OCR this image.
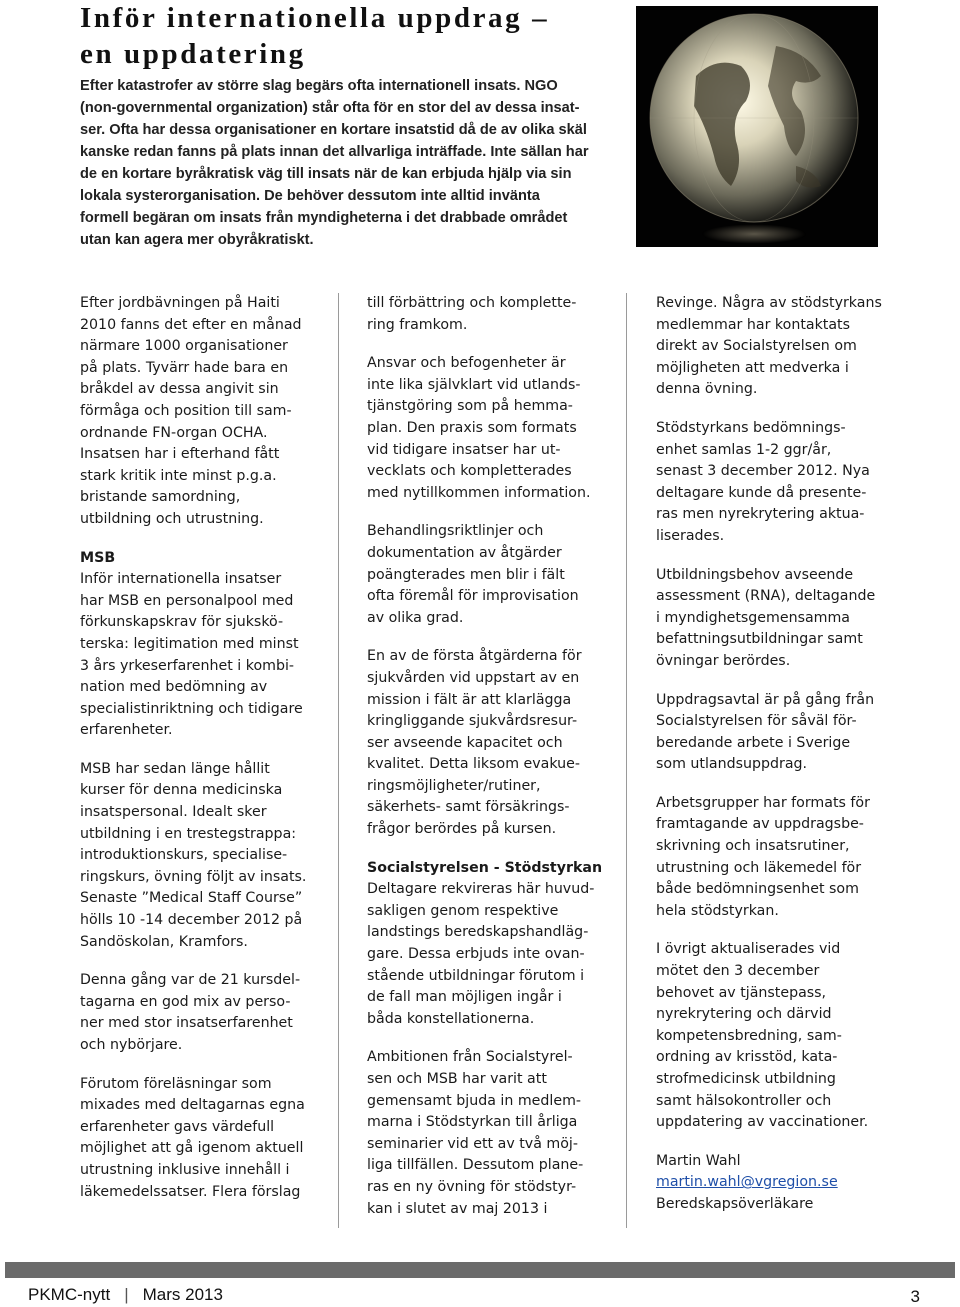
Inför internationella uppdrag –
en uppdatering
Efter katastrofer av större slag begärs ofta internationell insats. NGO
(non-governmental organization) står ofta för en stor del av dessa insat-
ser. Ofta har dessa organisationer en kortare insatstid då de av olika skäl
kanske redan fanns på plats innan det allvarliga inträffade. Inte sällan har
de en kortare byråkratisk väg till insats när de kan erbjuda hjälp via sin
lokala systerorganisation. De behöver dessutom inte alltid invänta
formell begäran om insats från myndigheterna i det drabbade området
utan kan agera mer obyråkratiskt.
Efter jordbävningen på Haiti
2010 fanns det efter en månad
närmare 1000 organisationer
på plats. Tyvärr hade bara en
bråkdel av dessa angivit sin
förmåga och position till sam-
ordnande FN-organ OCHA.
Insatsen har i efterhand fått
stark kritik inte minst p.g.a.
bristande samordning,
utbildning och utrustning.
MSB
Inför internationella insatser
har MSB en personalpool med
förkunskapskrav för sjukskö-
terska: legitimation med minst
3 års yrkeserfarenhet i kombi-
nation med bedömning av
specialistinriktning och tidigare
erfarenheter.
MSB har sedan länge hållit
kurser för denna medicinska
insatspersonal. Idealt sker
utbildning i en trestegstrappa:
introduktionskurs, specialise-
ringskurs, övning följt av insats.
Senaste ”Medical Staff Course”
hölls 10 -14 december 2012 på
Sandöskolan, Kramfors.
Denna gång var de 21 kursdel-
tagarna en god mix av perso-
ner med stor insatserfarenhet
och nybörjare.
Förutom föreläsningar som
mixades med deltagarnas egna
erfarenheter gavs värdefull
möjlighet att gå igenom aktuell
utrustning inklusive innehåll i
läkemedelssatser. Flera förslag
till förbättring och komplette-
ring framkom.
Ansvar och befogenheter är
inte lika självklart vid utlands-
tjänstgöring som på hemma-
plan. Den praxis som formats
vid tidigare insatser har ut-
vecklats och kompletterades
med nytillkommen information.
Behandlingsriktlinjer och
dokumentation av åtgärder
poängterades men blir i fält
ofta föremål för improvisation
av olika grad.
En av de första åtgärderna för
sjukvården vid uppstart av en
mission i fält är att klarlägga
kringliggande sjukvårdsresur-
ser avseende kapacitet och
kvalitet. Detta liksom evakue-
ringsmöjligheter/rutiner,
säkerhets- samt försäkrings-
frågor berördes på kursen.
Socialstyrelsen - Stödstyrkan
Deltagare rekvireras här huvud-
sakligen genom respektive
landstings beredskapshandläg-
gare. Dessa erbjuds inte ovan-
stående utbildningar förutom i
de fall man möjligen ingår i
båda konstellationerna.
Ambitionen från Socialstyrel-
sen och MSB har varit att
gemensamt bjuda in medlem-
marna i Stödstyrkan till årliga
seminarier vid ett av två möj-
liga tillfällen. Dessutom plane-
ras en ny övning för stödstyr-
kan i slutet av maj 2013 i
Revinge. Några av stödstyrkans
medlemmar har kontaktats
direkt av Socialstyrelsen om
möjligheten att medverka i
denna övning.
Stödstyrkans bedömnings-
enhet samlas 1-2 ggr/år,
senast 3 december 2012. Nya
deltagare kunde då presente-
ras men nyrekrytering aktua-
liserades.
Utbildningsbehov avseende
assessment (RNA), deltagande
i myndighetsgemensamma
befattningsutbildningar samt
övningar berördes.
Uppdragsavtal är på gång från
Socialstyrelsen för såväl för-
beredande arbete i Sverige
som utlandsuppdrag.
Arbetsgrupper har formats för
framtagande av uppdragsbe-
skrivning och insatsrutiner,
utrustning och läkemedel för
både bedömningsenhet som
hela stödstyrkan.
I övrigt aktualiserades vid
mötet den 3 december
behovet av tjänstepass,
nyrekrytering och därvid
kompetensbredning, sam-
ordning av krisstöd, kata-
strofmedicinsk utbildning
samt hälsokontroller och
uppdatering av vaccinationer.
Martin Wahl
martin.wahl@vgregion.se
Beredskapsöverläkare
PKMC-nytt | Mars 2013	3
